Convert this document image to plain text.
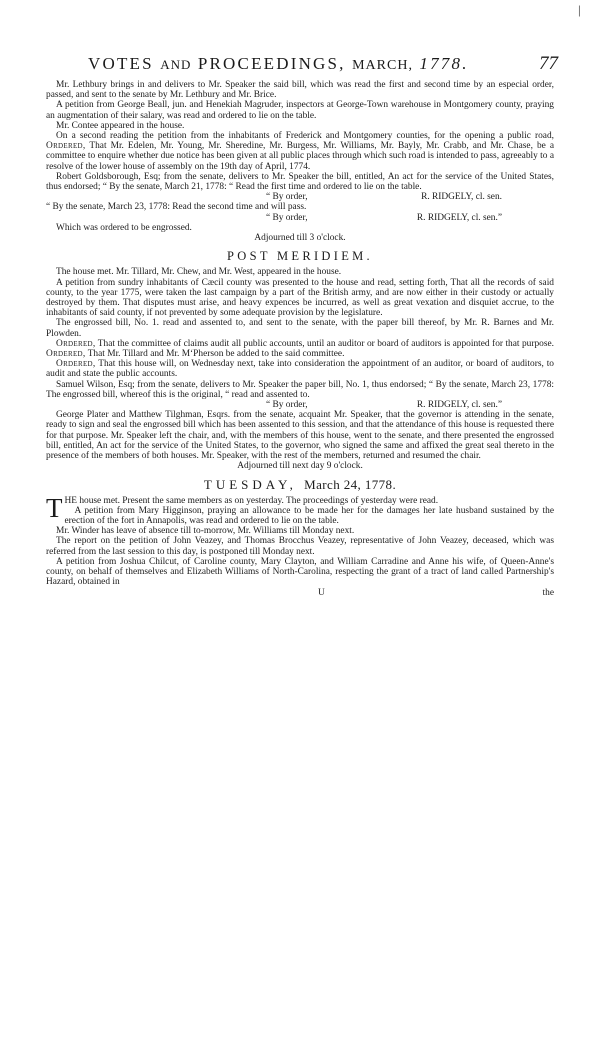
|
VOTES AND PROCEEDINGS, MARCH, 1778.	77

Mr. Lethbury brings in and delivers to Mr. Speaker the said bill, which was read the first and second time by an especial order, passed, and sent to the senate by Mr. Lethbury and Mr. Brice.

A petition from George Beall, jun. and Henekiah Magruder, inspectors at George-Town warehouse in Montgomery county, praying an augmentation of their salary, was read and ordered to lie on the table.

Mr. Contee appeared in the house.

On a second reading the petition from the inhabitants of Frederick and Montgomery counties, for the opening a public road, Ordered, That Mr. Edelen, Mr. Young, Mr. Sheredine, Mr. Burgess, Mr. Williams, Mr. Bayly, Mr. Crabb, and Mr. Chase, be a committee to enquire whether due notice has been given at all public places through which such road is intended to pass, agreeably to a resolve of the lower house of assembly on the 19th day of April, 1774.

Robert Goldsborough, Esq; from the senate, delivers to Mr. Speaker the bill, entitled, An act for the service of the United States, thus endorsed; “ By the senate, March 21, 1778: “ Read the first time and ordered to lie on the table.

“ By order,	R. RIDGELY, cl. sen.

“ By the senate, March 23, 1778: Read the second time and will pass.

“ By order,	R. RIDGELY, cl. sen.”

Which was ordered to be engrossed.

Adjourned till 3 o'clock.

POST MERIDIEM.

The house met. Mr. Tillard, Mr. Chew, and Mr. West, appeared in the house.

A petition from sundry inhabitants of Cæcil county was presented to the house and read, setting forth, That all the records of said county, to the year 1775, were taken the last campaign by a part of the British army, and are now either in their custody or actually destroyed by them. That disputes must arise, and heavy expences be incurred, as well as great vexation and disquiet accrue, to the inhabitants of said county, if not prevented by some adequate provision by the legislature.

The engrossed bill, No. 1. read and assented to, and sent to the senate, with the paper bill thereof, by Mr. R. Barnes and Mr. Plowden.

Ordered, That the committee of claims audit all public accounts, until an auditor or board of auditors is appointed for that purpose. Ordered, That Mr. Tillard and Mr. M‘Pherson be added to the said committee.

Ordered, That this house will, on Wednesday next, take into consideration the appointment of an auditor, or board of auditors, to audit and state the public accounts.

Samuel Wilson, Esq; from the senate, delivers to Mr. Speaker the paper bill, No. 1, thus endorsed; “ By the senate, March 23, 1778: The engrossed bill, whereof this is the original, “ read and assented to.

“ By order,	R. RIDGELY, cl. sen.”

George Plater and Matthew Tilghman, Esqrs. from the senate, acquaint Mr. Speaker, that the governor is attending in the senate, ready to sign and seal the engrossed bill which has been assented to this session, and that the attendance of this house is requested there for that purpose. Mr. Speaker left the chair, and, with the members of this house, went to the senate, and there presented the engrossed bill, entitled, An act for the service of the United States, to the governor, who signed the same and affixed the great seal thereto in the presence of the members of both houses. Mr. Speaker, with the rest of the members, returned and resumed the chair.

Adjourned till next day 9 o'clock.

TUESDAY, March 24, 1778.

T HE house met. Present the same members as on yesterday. The proceedings of yesterday were read.

A petition from Mary Higginson, praying an allowance to be made her for the damages her late husband sustained by the erection of the fort in Annapolis, was read and ordered to lie on the table.

Mr. Winder has leave of absence till to-morrow, Mr. Williams till Monday next.

The report on the petition of John Veazey, and Thomas Brocchus Veazey, representative of John Veazey, deceased, which was referred from the last session to this day, is postponed till Monday next.

A petition from Joshua Chilcut, of Caroline county, Mary Clayton, and William Carradine and Anne his wife, of Queen-Anne's county, on behalf of themselves and Elizabeth Williams of North-Carolina, respecting the grant of a tract of land called Partnership's Hazard, obtained in

U	the
